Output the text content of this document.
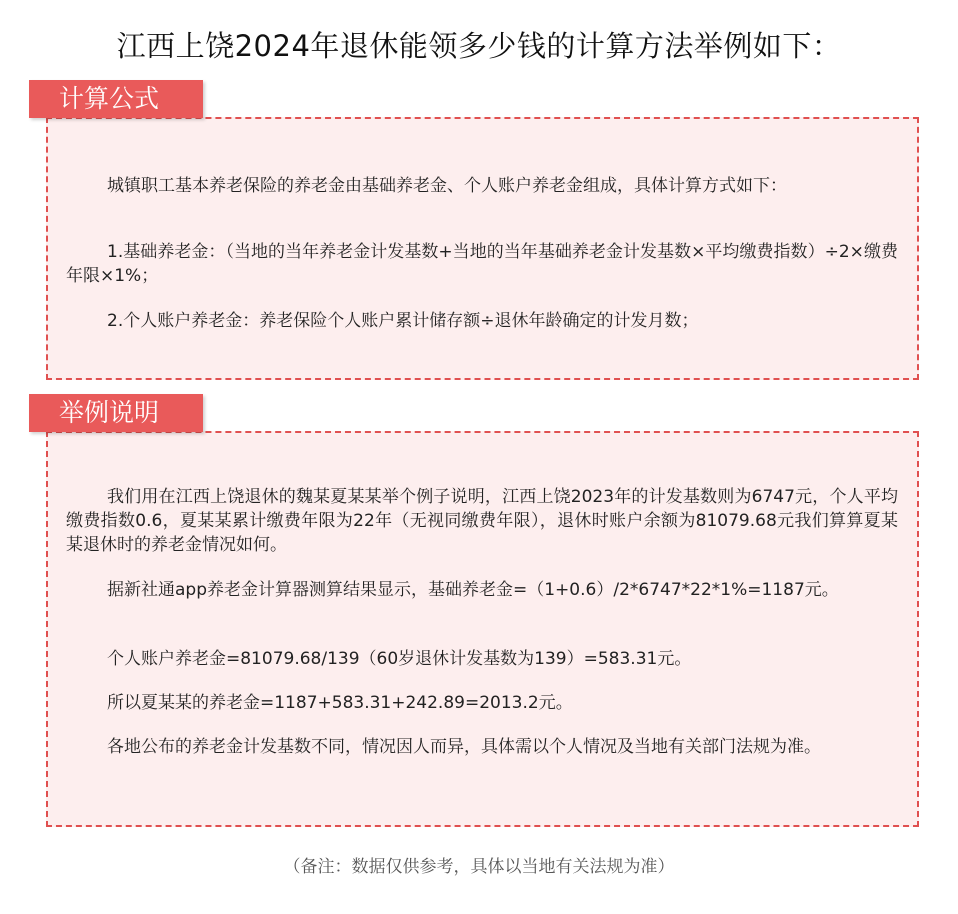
江西上饶2024年退休能领多少钱的计算方法举例如下：
计算公式
城镇职工基本养老保险的养老金由基础养老金、个人账户养老金组成，具体计算方式如下：
1.基础养老金：（当地的当年养老金计发基数+当地的当年基础养老金计发基数×平均缴费指数）÷2×缴费年限×1%；
2.个人账户养老金：养老保险个人账户累计储存额÷退休年龄确定的计发月数；
举例说明
我们用在江西上饶退休的魏某夏某某举个例子说明，江西上饶2023年的计发基数则为6747元，个人平均缴费指数0.6，夏某某累计缴费年限为22年（无视同缴费年限），退休时账户余额为81079.68元我们算算夏某某退休时的养老金情况如何。
据新社通app养老金计算器测算结果显示，基础养老金=（1+0.6）/2*6747*22*1%=1187元。
个人账户养老金=81079.68/139（60岁退休计发基数为139）=583.31元。
所以夏某某的养老金=1187+583.31+242.89=2013.2元。
各地公布的养老金计发基数不同，情况因人而异，具体需以个人情况及当地有关部门法规为准。
（备注：数据仅供参考，具体以当地有关法规为准）
